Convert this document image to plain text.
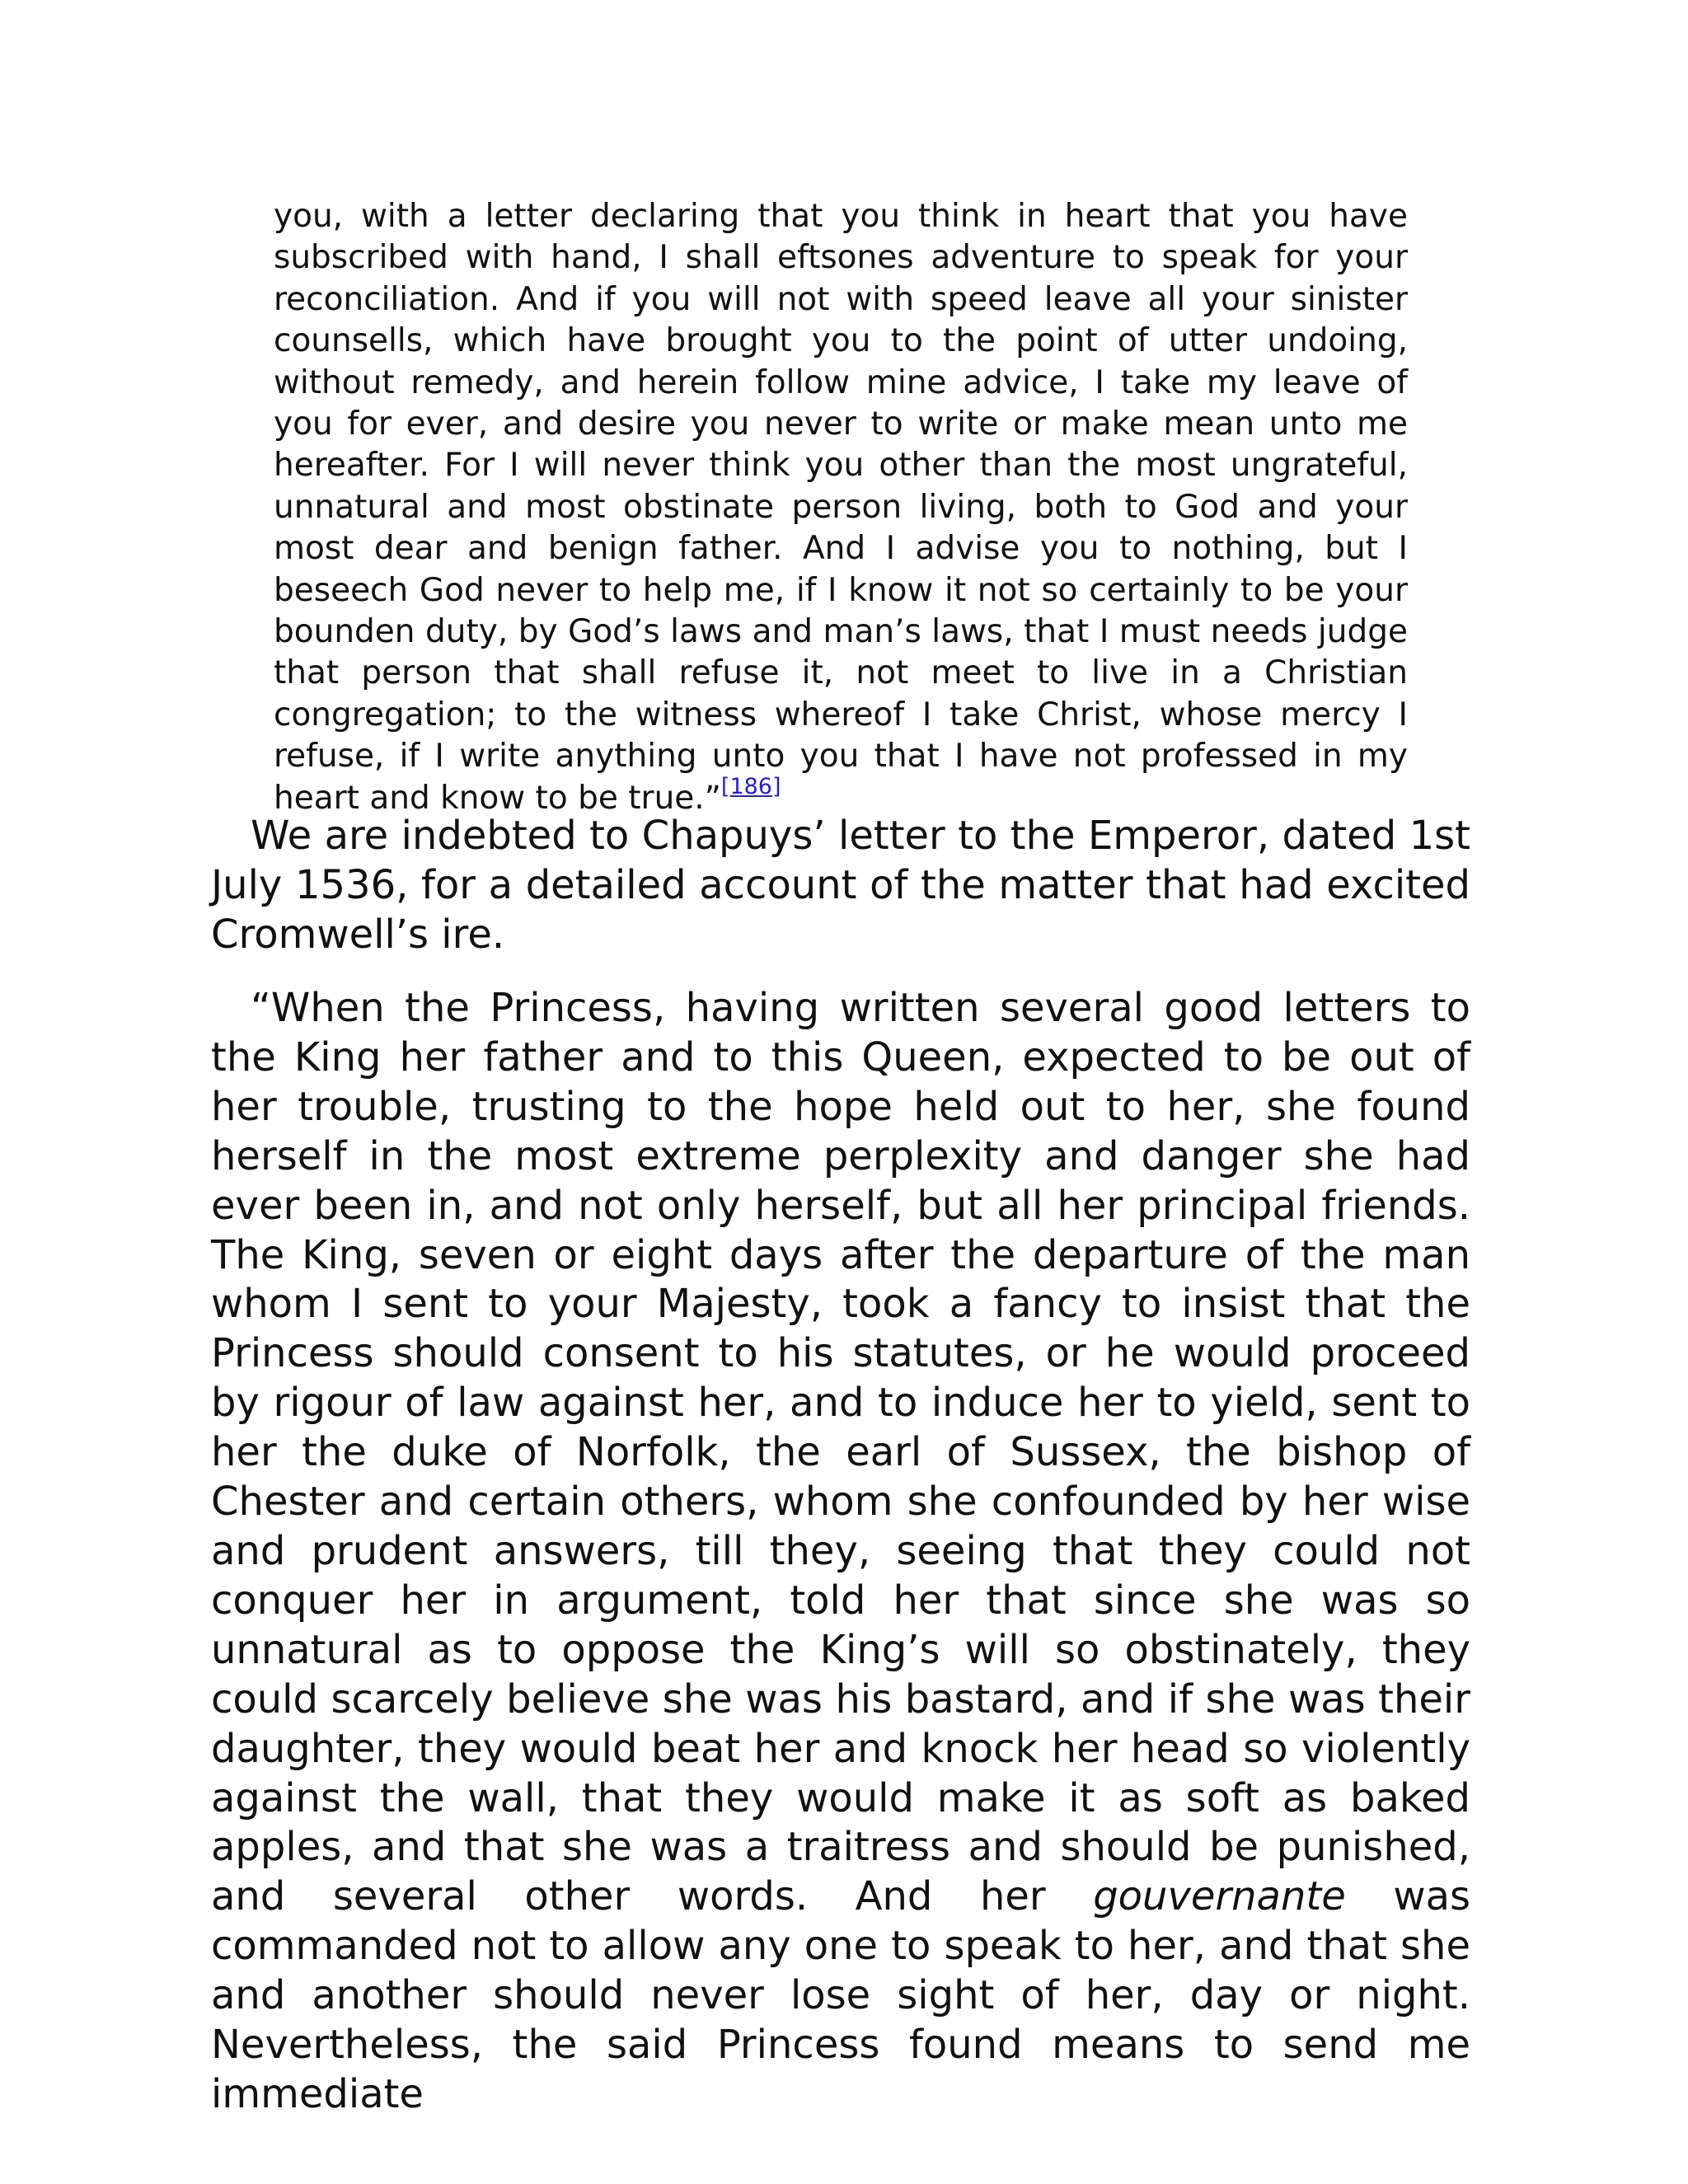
you, with a letter declaring that you think in heart that you have subscribed with hand, I shall eftsones adventure to speak for your reconciliation. And if you will not with speed leave all your sinister counsells, which have brought you to the point of utter undoing, without remedy, and herein follow mine advice, I take my leave of you for ever, and desire you never to write or make mean unto me hereafter. For I will never think you other than the most ungrateful, unnatural and most obstinate person living, both to God and your most dear and benign father. And I advise you to nothing, but I beseech God never to help me, if I know it not so certainly to be your bounden duty, by God’s laws and man’s laws, that I must needs judge that person that shall refuse it, not meet to live in a Christian congregation; to the witness whereof I take Christ, whose mercy I refuse, if I write anything unto you that I have not professed in my heart and know to be true.”[186]

We are indebted to Chapuys’ letter to the Emperor, dated 1st July 1536, for a detailed account of the matter that had excited Cromwell’s ire.

“When the Princess, having written several good letters to the King her father and to this Queen, expected to be out of her trouble, trusting to the hope held out to her, she found herself in the most extreme perplexity and danger she had ever been in, and not only herself, but all her principal friends. The King, seven or eight days after the departure of the man whom I sent to your Majesty, took a fancy to insist that the Princess should consent to his statutes, or he would proceed by rigour of law against her, and to induce her to yield, sent to her the duke of Norfolk, the earl of Sussex, the bishop of Chester and certain others, whom she confounded by her wise and prudent answers, till they, seeing that they could not conquer her in argument, told her that since she was so unnatural as to oppose the King’s will so obstinately, they could scarcely believe she was his bastard, and if she was their daughter, they would beat her and knock her head so violently against the wall, that they would make it as soft as baked apples, and that she was a traitress and should be punished, and several other words. And her gouvernante was commanded not to allow any one to speak to her, and that she and another should never lose sight of her, day or night. Nevertheless, the said Princess found means to send me immediate
